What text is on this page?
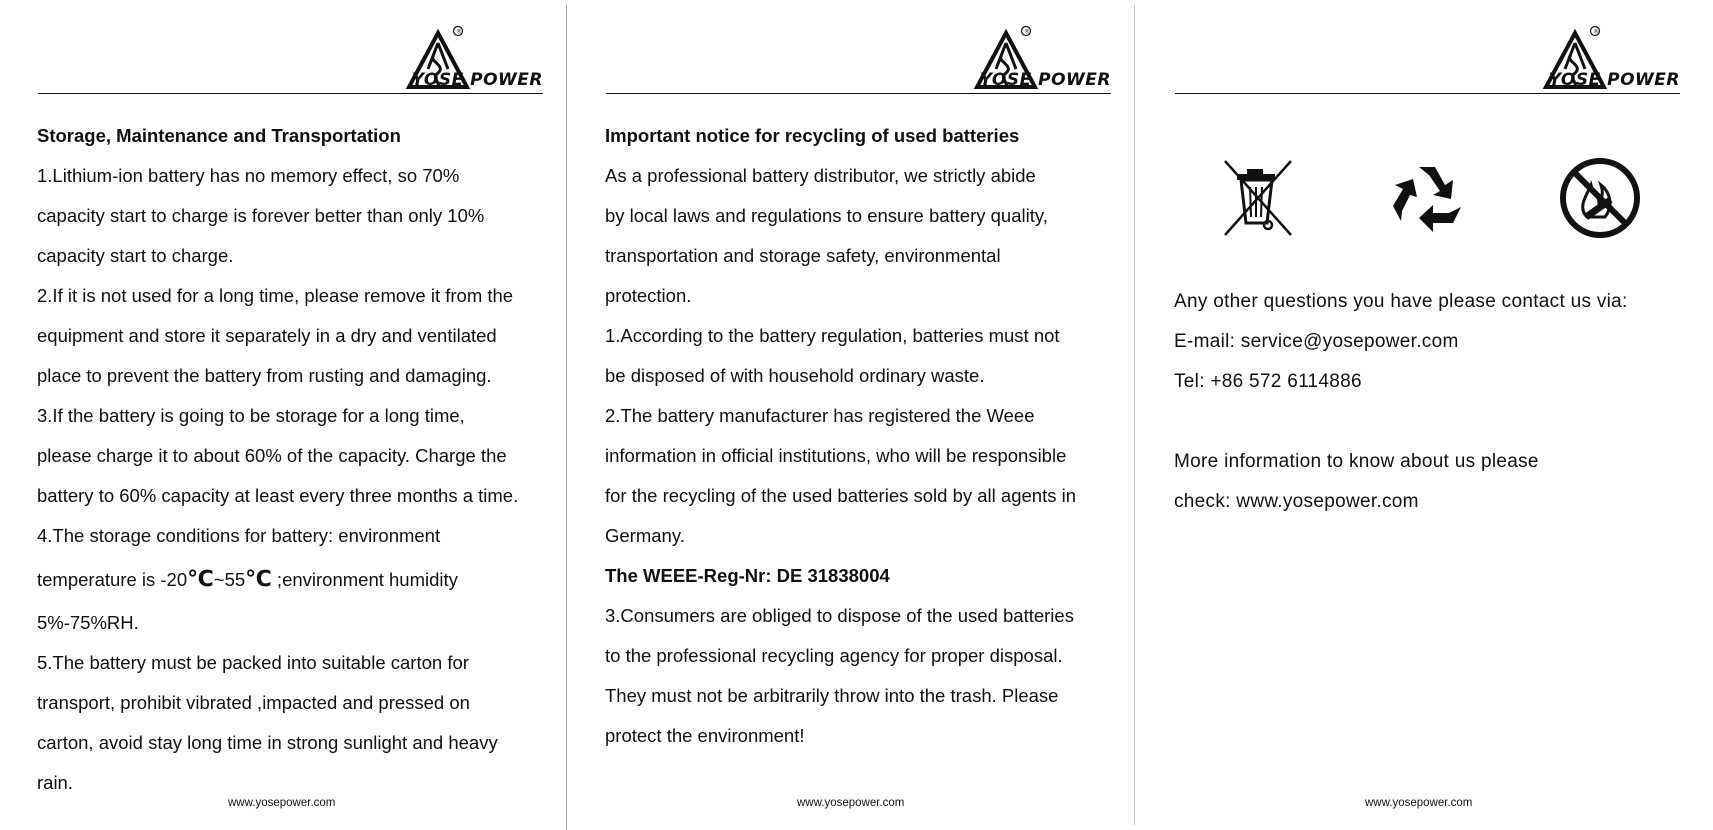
®
YOSE POWER
Storage, Maintenance and Transportation
1.Lithium-ion battery has no memory effect, so 70%
capacity start to charge is forever better than only 10%
capacity start to charge.
2.If it is not used for a long time, please remove it from the
equipment and store it separately in a dry and ventilated
place to prevent the battery from rusting and damaging.
3.If the battery is going to be storage for a long time,
please charge it to about 60% of the capacity. Charge the
battery to 60% capacity at least every three months a time.
4.The storage conditions for battery: environment
temperature is -20℃~55℃ ;environment humidity
5%-75%RH.
5.The battery must be packed into suitable carton for
transport, prohibit vibrated ,impacted and pressed on
carton, avoid stay long time in strong sunlight and heavy
rain.
www.yosepower.com
®
YOSE POWER
Important notice for recycling of used batteries
As a professional battery distributor, we strictly abide
by local laws and regulations to ensure battery quality,
transportation and storage safety, environmental
protection.
1.According to the battery regulation, batteries must not
be disposed of with household ordinary waste.
2.The battery manufacturer has registered the Weee
information in official institutions, who will be responsible
for the recycling of the used batteries sold by all agents in
Germany.
The WEEE-Reg-Nr: DE 31838004
3.Consumers are obliged to dispose of the used batteries
to the professional recycling agency for proper disposal.
They must not be arbitrarily throw into the trash. Please
protect the environment!
www.yosepower.com
®
YOSE POWER
Any other questions you have please contact us via:
E-mail: service@yosepower.com
Tel: +86 572 6114886
More information to know about us please
check: www.yosepower.com
www.yosepower.com
